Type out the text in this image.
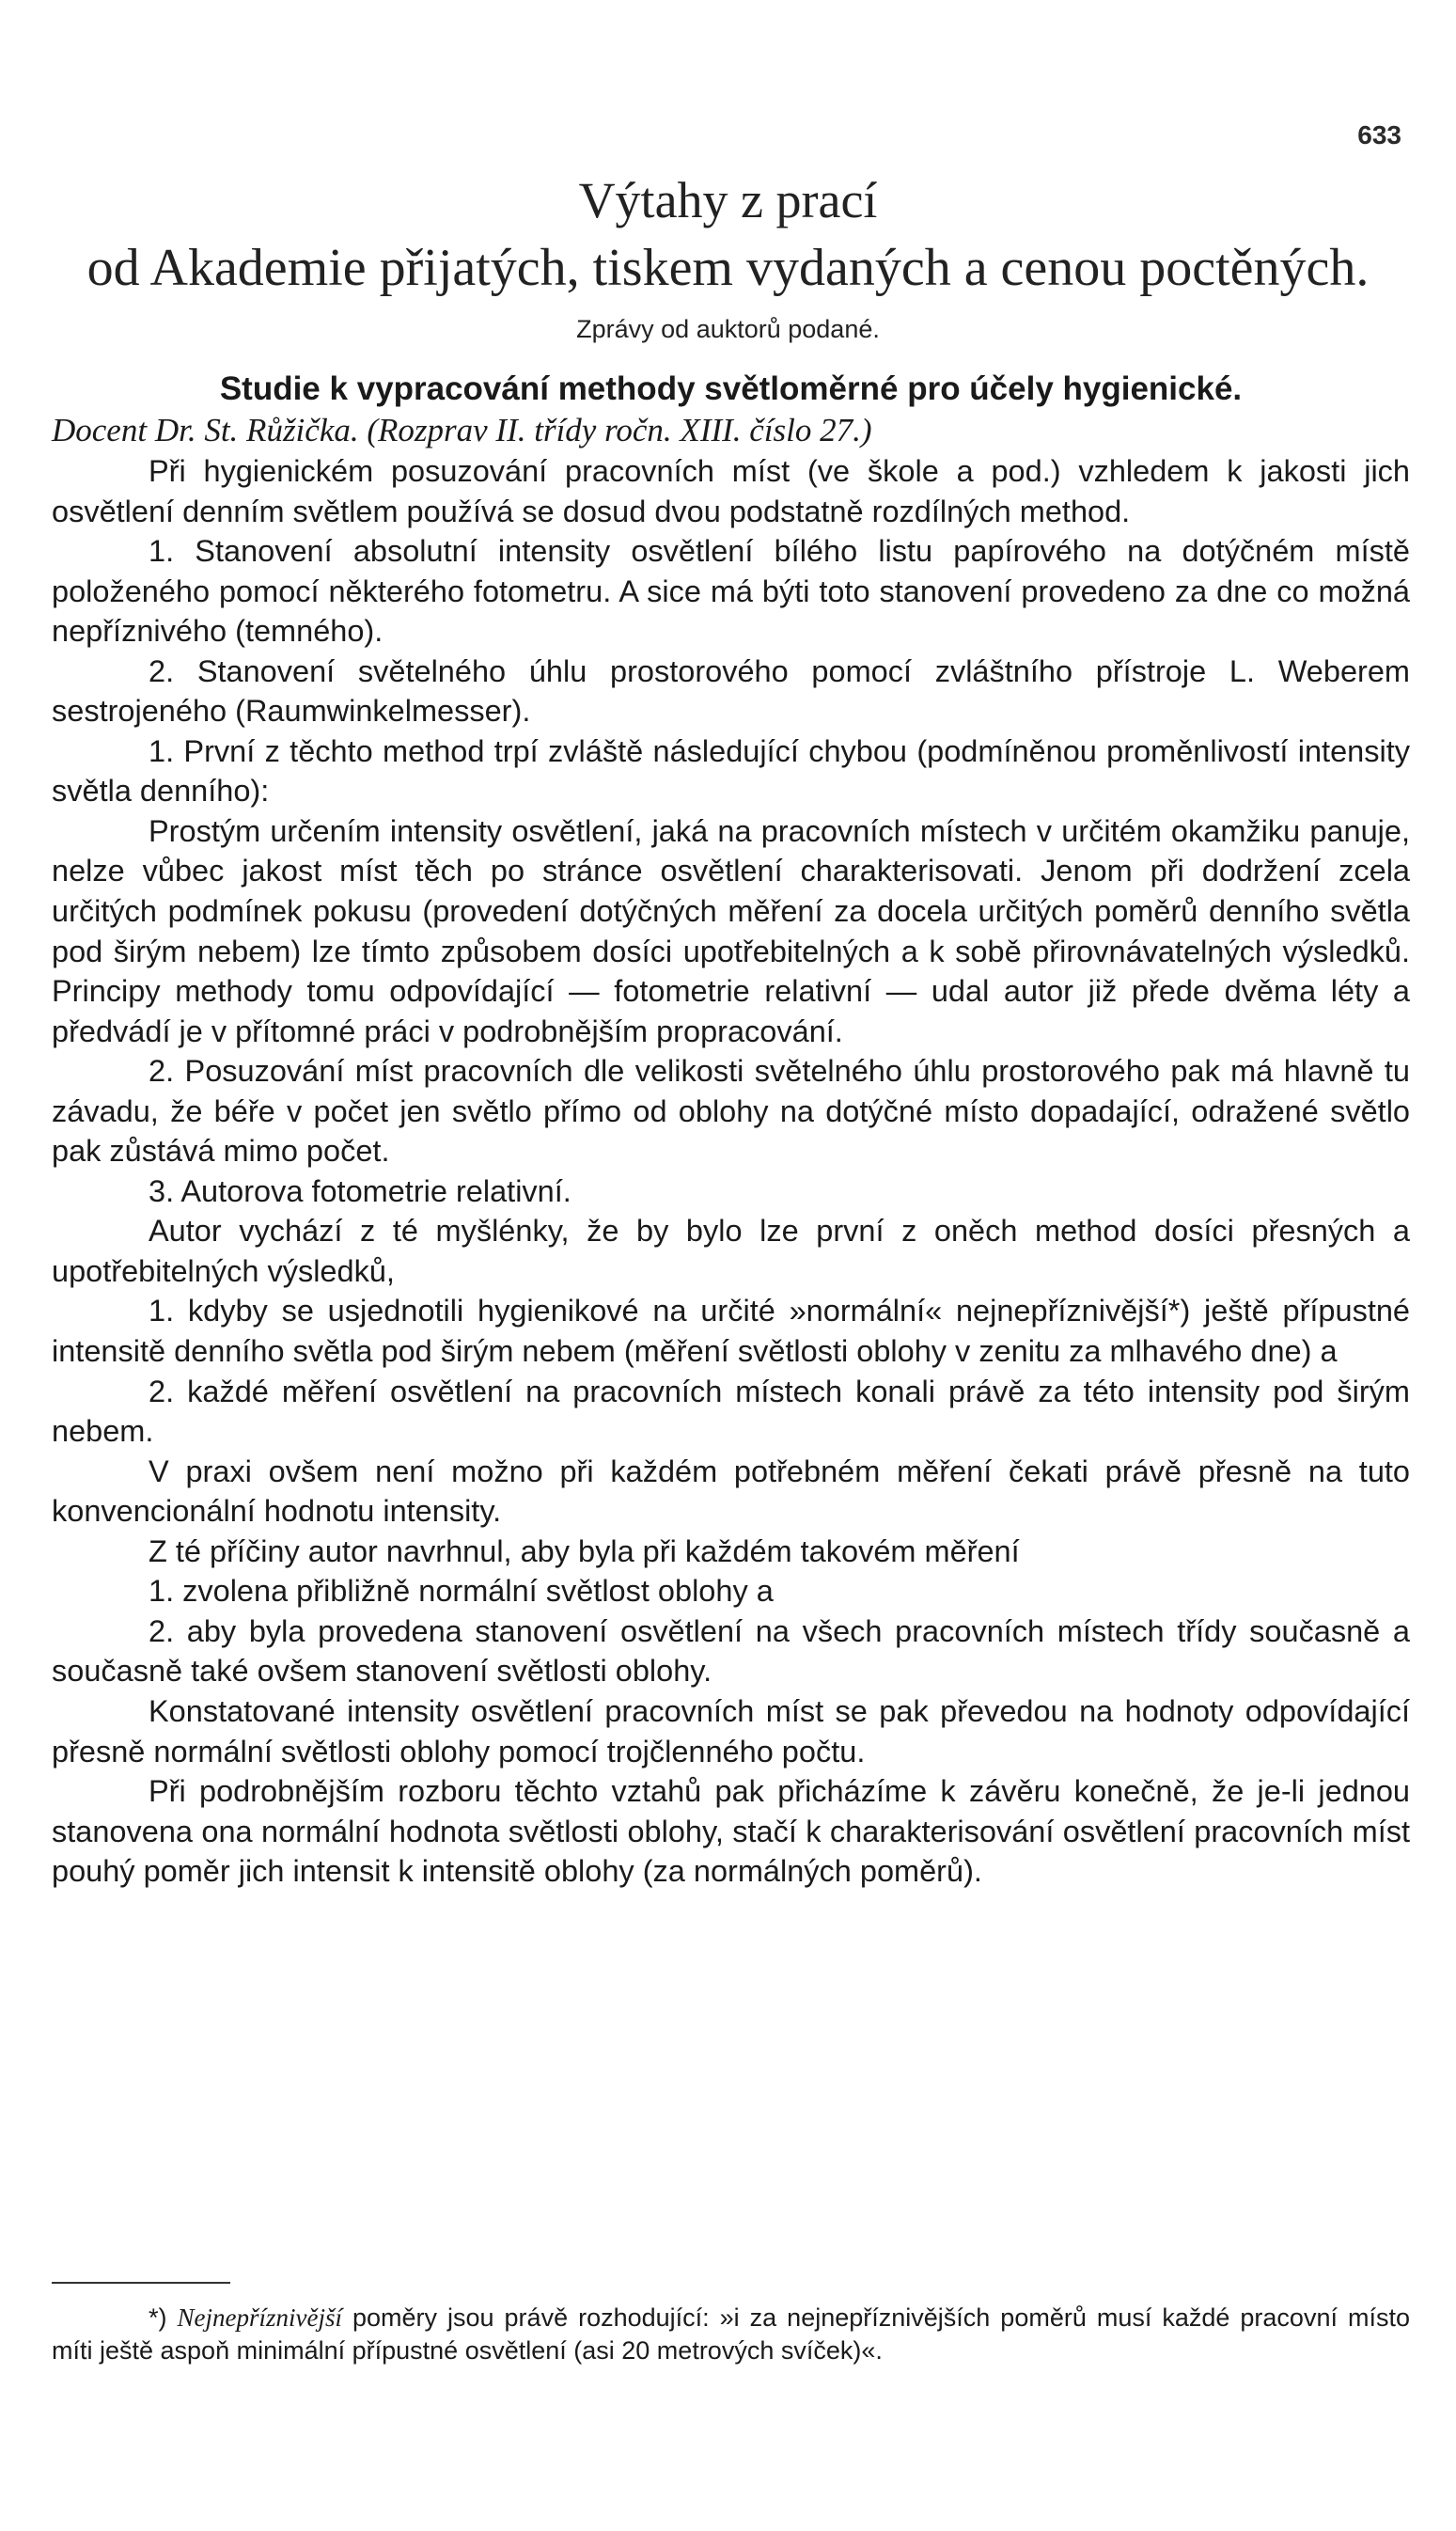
633
Výtahy z prací
od Akademie přijatých, tiskem vydaných a cenou poctěných.
Zprávy od auktorů podané.
Studie k vypracování methody světloměrné pro účely hygienické.
Docent Dr. St. Růžička. (Rozprav II. třídy ročn. XIII. číslo 27.)

Při hygienickém posuzování pracovních míst (ve škole a pod.) vzhledem k jakosti jich osvětlení denním světlem používá se dosud dvou podstatně rozdílných method.

1. Stanovení absolutní intensity osvětlení bílého listu papírového na dotýčném místě položeného pomocí některého fotometru. A sice má býti toto stanovení provedeno za dne co možná nepříznivého (temného).

2. Stanovení světelného úhlu prostorového pomocí zvláštního přístroje L. Weberem sestrojeného (Raumwinkelmesser).

1. První z těchto method trpí zvláště následující chybou (podmíněnou proměnlivostí intensity světla denního):

Prostým určením intensity osvětlení, jaká na pracovních místech v určitém okamžiku panuje, nelze vůbec jakost míst těch po stránce osvětlení charakterisovati. Jenom při dodržení zcela určitých podmínek pokusu (provedení dotýčných měření za docela určitých poměrů denního světla pod širým nebem) lze tímto způsobem dosíci upotřebitelných a k sobě přirovnávatelných výsledků. Principy methody tomu odpovídající — fotometrie relativní — udal autor již přede dvěma léty a předvádí je v přítomné práci v podrobnějším propracování.

2. Posuzování míst pracovních dle velikosti světelného úhlu prostorového pak má hlavně tu závadu, že béře v počet jen světlo přímo od oblohy na dotýčné místo dopadající, odražené světlo pak zůstává mimo počet.

3. Autorova fotometrie relativní.

Autor vychází z té myšlénky, že by bylo lze první z oněch method dosíci přesných a upotřebitelných výsledků,

1. kdyby se usjednotili hygienikové na určité »normální« nejnepříznivější*) ještě přípustné intensitě denního světla pod širým nebem (měření světlosti oblohy v zenitu za mlhavého dne) a

2. každé měření osvětlení na pracovních místech konali právě za této intensity pod širým nebem.

V praxi ovšem není možno při každém potřebném měření čekati právě přesně na tuto konvencionální hodnotu intensity.

Z té příčiny autor navrhnul, aby byla při každém takovém měření

1. zvolena přibližně normální světlost oblohy a

2. aby byla provedena stanovení osvětlení na všech pracovních místech třídy současně a současně také ovšem stanovení světlosti oblohy.

Konstatované intensity osvětlení pracovních míst se pak převedou na hodnoty odpovídající přesně normální světlosti oblohy pomocí trojčlenného počtu.

Při podrobnějším rozboru těchto vztahů pak přicházíme k závěru konečně, že je-li jednou stanovena ona normální hodnota světlosti oblohy, stačí k charakterisování osvětlení pracovních míst pouhý poměr jich intensit k intensitě oblohy (za normálných poměrů).

*) Nejnepříznivější poměry jsou právě rozhodující: »i za nejnepříznivějších poměrů musí každé pracovní místo míti ještě aspoň minimální přípustné osvětlení (asi 20 metrových svíček)«.
